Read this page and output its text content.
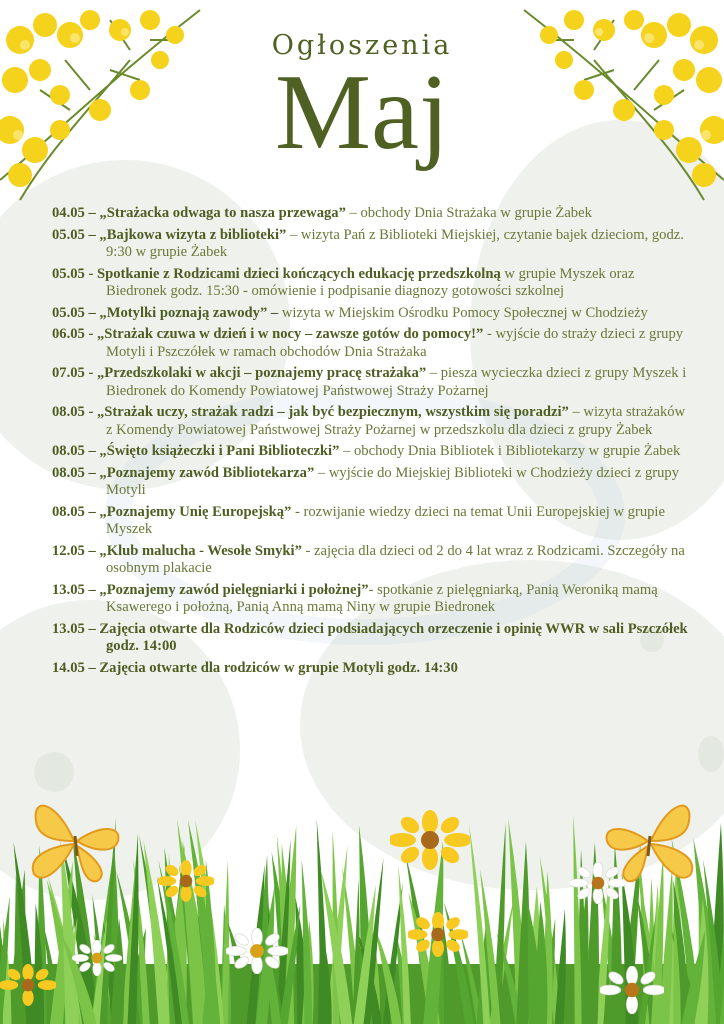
Ogłoszenia
Maj
04.05 – „Strażacka odwaga to nasza przewaga” – obchody Dnia Strażaka w grupie Żabek
05.05 – „Bajkowa wizyta z biblioteki” – wizyta Pań z Biblioteki Miejskiej, czytanie bajek dzieciom, godz. 9:30 w grupie Żabek
05.05 - Spotkanie z Rodzicami dzieci kończących edukację przedszkolną w grupie Myszek oraz Biedronek godz. 15:30 - omówienie i podpisanie diagnozy gotowości szkolnej
05.05 – „Motylki poznają zawody” – wizyta w Miejskim Ośrodku Pomocy Społecznej w Chodzieży
06.05 - „Strażak czuwa w dzień i w nocy – zawsze gotów do pomocy!” - wyjście do straży dzieci z grupy Motyli i Pszczółek w ramach obchodów Dnia Strażaka
07.05 - „Przedszkolaki w akcji – poznajemy pracę strażaka” – piesza wycieczka dzieci z grupy Myszek i Biedronek do Komendy Powiatowej Państwowej Straży Pożarnej
08.05 - „Strażak uczy, strażak radzi – jak być bezpiecznym, wszystkim się poradzi” – wizyta strażaków z Komendy Powiatowej Państwowej Straży Pożarnej w przedszkolu dla dzieci z grupy Żabek
08.05 – „Święto książeczki i Pani Biblioteczki” – obchody Dnia Bibliotek i Bibliotekarzy w grupie Żabek
08.05 – „Poznajemy zawód Bibliotekarza” – wyjście do Miejskiej Biblioteki w Chodzieży dzieci z grupy Motyli
08.05 – „Poznajemy Unię Europejską” - rozwijanie wiedzy dzieci na temat Unii Europejskiej w grupie Myszek
12.05 – „Klub malucha - Wesołe Smyki” - zajęcia dla dzieci od 2 do 4 lat wraz z Rodzicami. Szczegóły na osobnym plakacie
13.05 – „Poznajemy zawód pielęgniarki i położnej”- spotkanie z pielęgniarką, Panią Weroniką mamą Ksawerego i położną, Panią Anną mamą Niny w grupie Biedronek
13.05 – Zajęcia otwarte dla Rodziców dzieci podsiadających orzeczenie i opinię WWR w sali Pszczółek godz. 14:00
14.05 – Zajęcia otwarte dla rodziców w grupie Motyli godz. 14:30
